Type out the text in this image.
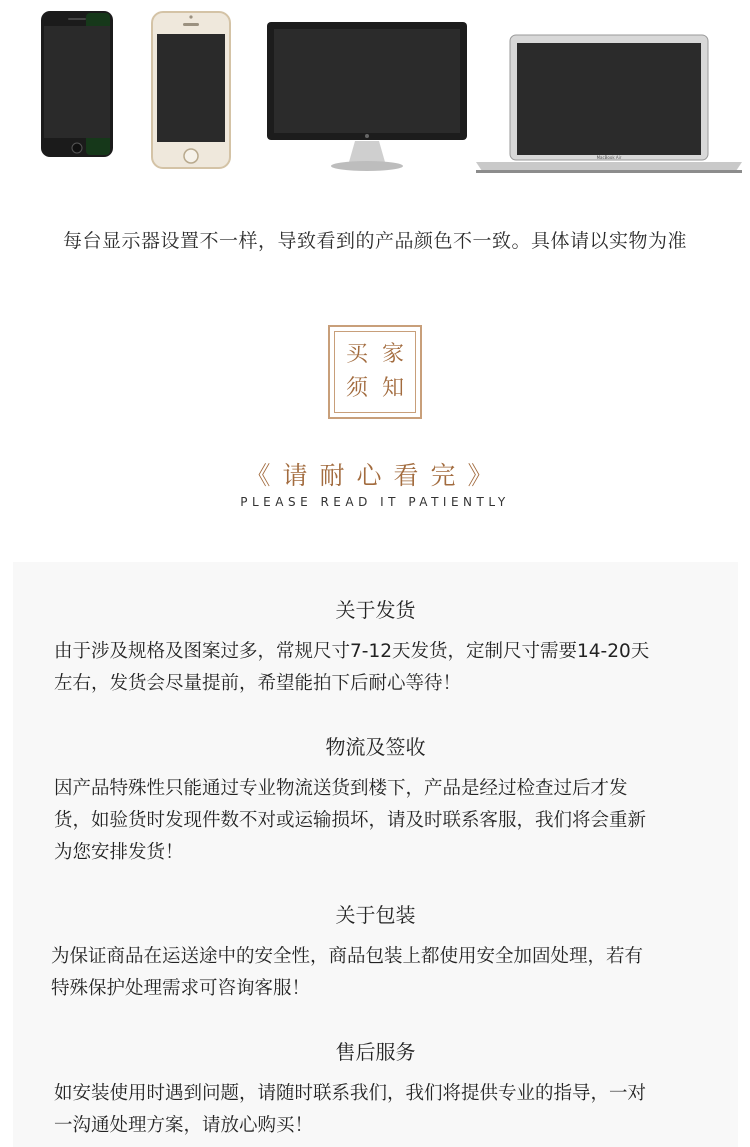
MacBook Air
每台显示器设置不一样，导致看到的产品颜色不一致。具体请以实物为准
买家
须知
《请耐心看完》
PLEASE READ IT PATIENTLY
关于发货
由于涉及规格及图案过多，常规尺寸7-12天发货，定制尺寸需要14-20天
左右，发货会尽量提前，希望能拍下后耐心等待！
物流及签收
因产品特殊性只能通过专业物流送货到楼下，产品是经过检查过后才发
货，如验货时发现件数不对或运输损坏，请及时联系客服，我们将会重新
为您安排发货！
关于包装
为保证商品在运送途中的安全性，商品包装上都使用安全加固处理，若有
特殊保护处理需求可咨询客服！
售后服务
如安装使用时遇到问题，请随时联系我们，我们将提供专业的指导，一对
一沟通处理方案，请放心购买！
